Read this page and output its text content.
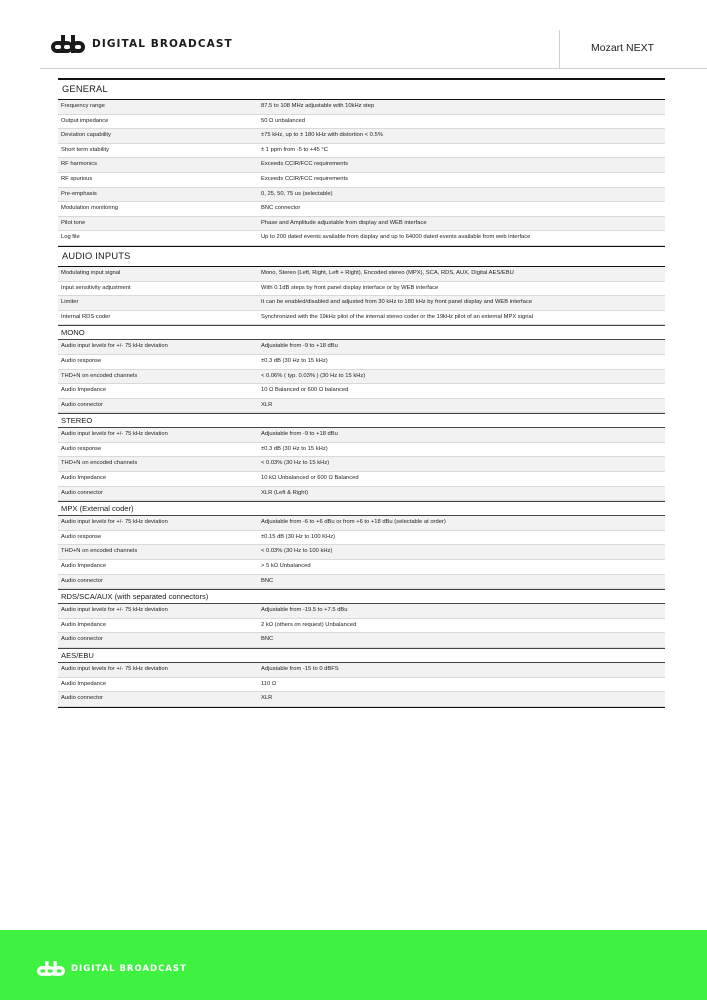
DIGITAL BROADCAST	Mozart NEXT
GENERAL
Frequency range	87.5 to 108 MHz adjustable with 10kHz step
Output impedance	50 Ω unbalanced
Deviation capability	±75 kHz, up to ± 180 kHz with distortion < 0.5%
Short term stability	± 1 ppm from -5 to +45 °C
RF harmonics	Exceeds CCIR/FCC requirements
RF spurious	Exceeds CCIR/FCC requirements
Pre-emphasis	0, 25, 50, 75 us (selectable)
Modulation monitoring	BNC connector
Pilot tone	Phase and Amplitude adjustable from display and WEB interface
Log file	Up to 200 dated events available from display and up to 64000 dated events available from web interface
AUDIO INPUTS
Modulating input signal	Mono, Stereo (Left, Right, Left + Right), Encoded stereo (MPX), SCA, RDS, AUX, Digital AES/EBU
Input sensitivity adjustment	With 0.1dB steps by front panel display interface or by WEB interface
Limiter	It can be enabled/disabled and adjusted from 30 kHz to 180 kHz by front panel display and WEB interface
Internal RDS coder	Synchronized with the 19kHz pilot of the internal stereo coder or the 19kHz pilot of an external MPX signal
MONO
Audio input levels for +/- 75 kHz deviation	Adjustable from -9 to +18 dBu
Audio response	±0.3 dB (30 Hz to 15 kHz)
THD+N on encoded channels	< 0.06% ( typ. 0.03% ) (30 Hz to 15 kHz)
Audio Impedance	10 Ω Balanced or 600 Ω balanced
Audio connector	XLR
STEREO
Audio input levels for +/- 75 kHz deviation	Adjustable from -9 to +18 dBu
Audio response	±0.3 dB (30 Hz to 15 kHz)
THD+N on encoded channels	< 0.03% (30 Hz to 15 kHz)
Audio Impedance	10 kΩ Unbalanced or 600 Ω Balanced
Audio connector	XLR (Left & Right)
MPX (External coder)
Audio input levels for +/- 75 kHz deviation	Adjustable from -6 to +6 dBu or from +6 to +18 dBu (selectable at order)
Audio response	±0.15 dB (30 Hz to 100 KHz)
THD+N on encoded channels	< 0.03% (30 Hz to 100 kHz)
Audio Impedance	> 5 kΩ Unbalanced
Audio connector	BNC
RDS/SCA/AUX (with separated connectors)
Audio input levels for +/- 75 kHz deviation	Adjustable from -19.5 to +7.5 dBu
Audio Impedance	2 kΩ (others on request) Unbalanced
Audio connector	BNC
AES/EBU
Audio input levels for +/- 75 kHz deviation	Adjustable from -15 to 0 dBFS
Audio Impedance	110 Ω
Audio connector	XLR
DIGITAL BROADCAST
